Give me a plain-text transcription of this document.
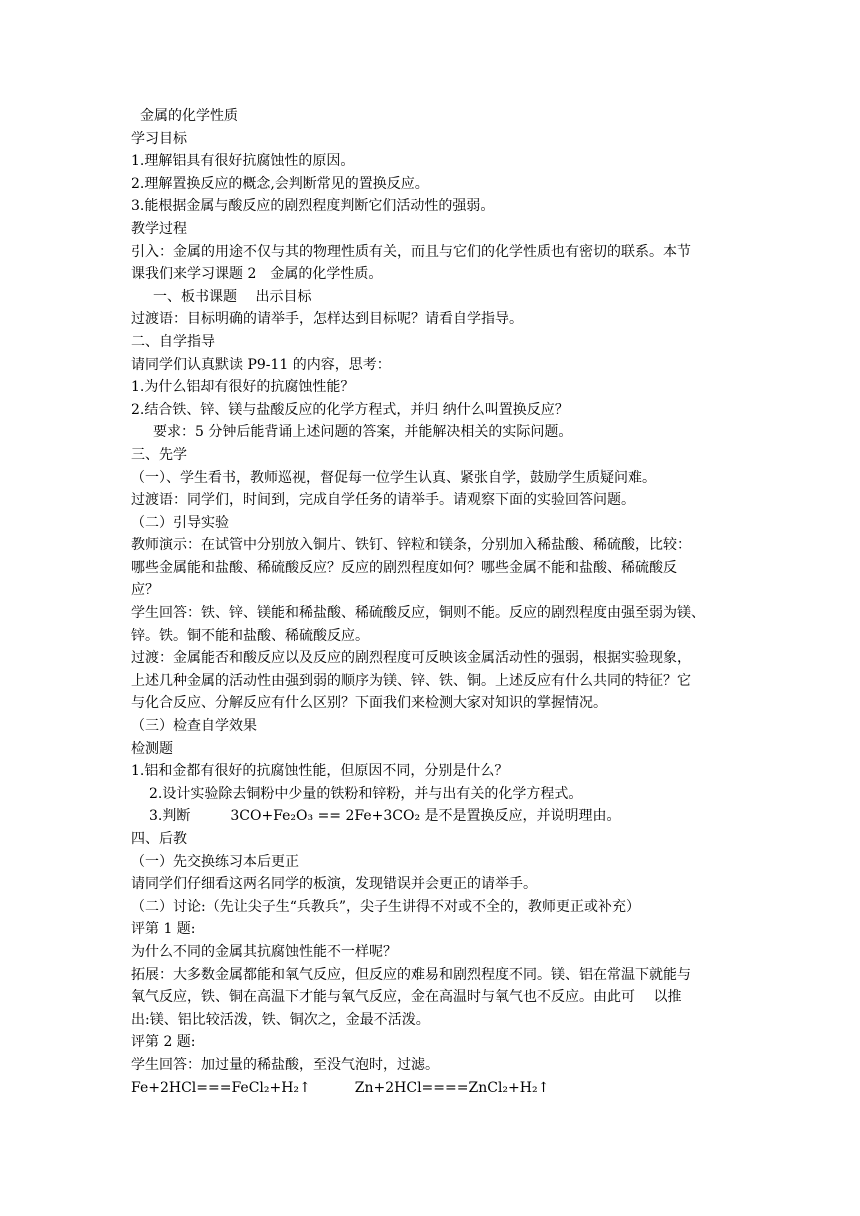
金属的化学性质
学习目标
1.理解铝具有很好抗腐蚀性的原因。
2.理解置换反应的概念,会判断常见的置换反应。
3.能根据金属与酸反应的剧烈程度判断它们活动性的强弱。
教学过程
引入：金属的用途不仅与其的物理性质有关，而且与它们的化学性质也有密切的联系。本节
课我们来学习课题 2　金属的化学性质。
一、板书课题　 出示目标
过渡语：目标明确的请举手，怎样达到目标呢？请看自学指导。
二、自学指导
请同学们认真默读 P9-11 的内容，思考：
1.为什么铝却有很好的抗腐蚀性能？
2.结合铁、锌、镁与盐酸反应的化学方程式，并归 纳什么叫置换反应？
要求：5 分钟后能背诵上述问题的答案，并能解决相关的实际问题。
三、先学
（一）、学生看书，教师巡视，督促每一位学生认真、紧张自学，鼓励学生质疑问难。
过渡语：同学们，时间到，完成自学任务的请举手。请观察下面的实验回答问题。
（二）引导实验
教师演示：在试管中分别放入铜片、铁钉、锌粒和镁条，分别加入稀盐酸、稀硫酸，比较：
哪些金属能和盐酸、稀硫酸反应？反应的剧烈程度如何？哪些金属不能和盐酸、稀硫酸反
应？
学生回答：铁、锌、镁能和稀盐酸、稀硫酸反应，铜则不能。反应的剧烈程度由强至弱为镁、
锌。铁。铜不能和盐酸、稀硫酸反应。
过渡：金属能否和酸反应以及反应的剧烈程度可反映该金属活动性的强弱，根据实验现象，
上述几种金属的活动性由强到弱的顺序为镁、锌、铁、铜。上述反应有什么共同的特征？它
与化合反应、分解反应有什么区别？下面我们来检测大家对知识的掌握情况。
（三）检查自学效果
检测题
1.铝和金都有很好的抗腐蚀性能，但原因不同，分别是什么？
2.设计实验除去铜粉中少量的铁粉和锌粉，并与出有关的化学方程式。
3.判断	3CO+Fe₂O₃ == 2Fe+3CO₂ 是不是置换反应，并说明理由。
四、后教
（一）先交换练习本后更正
请同学们仔细看这两名同学的板演，发现错误并会更正的请举手。
（二）讨论:（先让尖子生“兵教兵”，尖子生讲得不对或不全的，教师更正或补充）
评第 1 题:
为什么不同的金属其抗腐蚀性能不一样呢？
拓展：大多数金属都能和氧气反应，但反应的难易和剧烈程度不同。镁、铝在常温下就能与
氧气反应，铁、铜在高温下才能与氧气反应，金在高温时与氧气也不反应。由此可　 以推
出:镁、铝比较活泼，铁、铜次之，金最不活泼。
评第 2 题:
学生回答：加过量的稀盐酸，至没气泡时，过滤。
Fe+2HCl===FeCl₂+H₂↑	Zn+2HCl====ZnCl₂+H₂↑
